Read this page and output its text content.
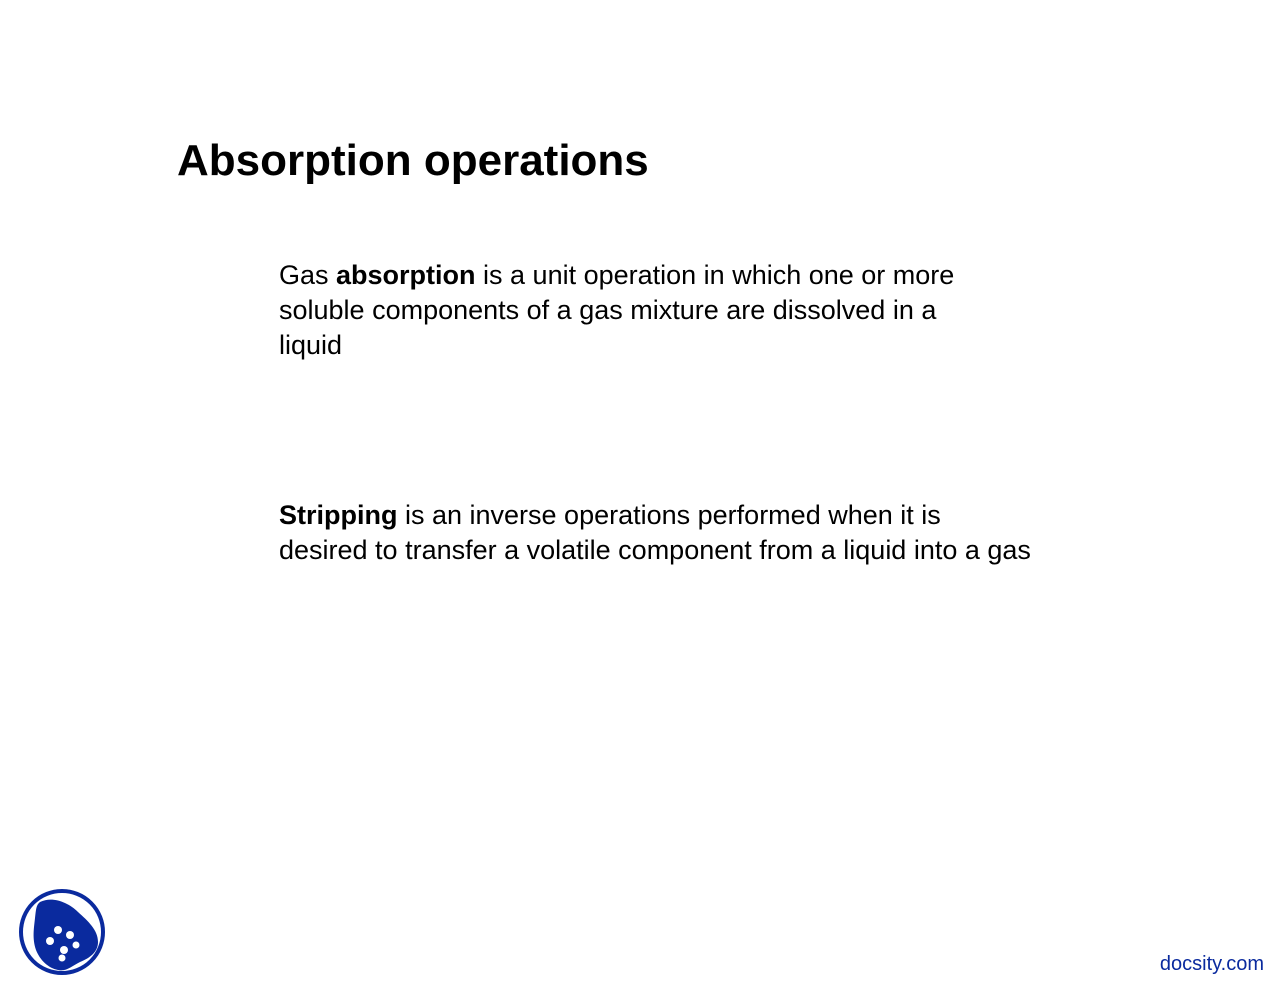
Absorption operations

Gas absorption is a unit operation in which one or more
soluble components of a gas mixture are dissolved in a
liquid

Stripping is an inverse operations performed when it is
desired to transfer a volatile component from a liquid into a gas

docsity.com
